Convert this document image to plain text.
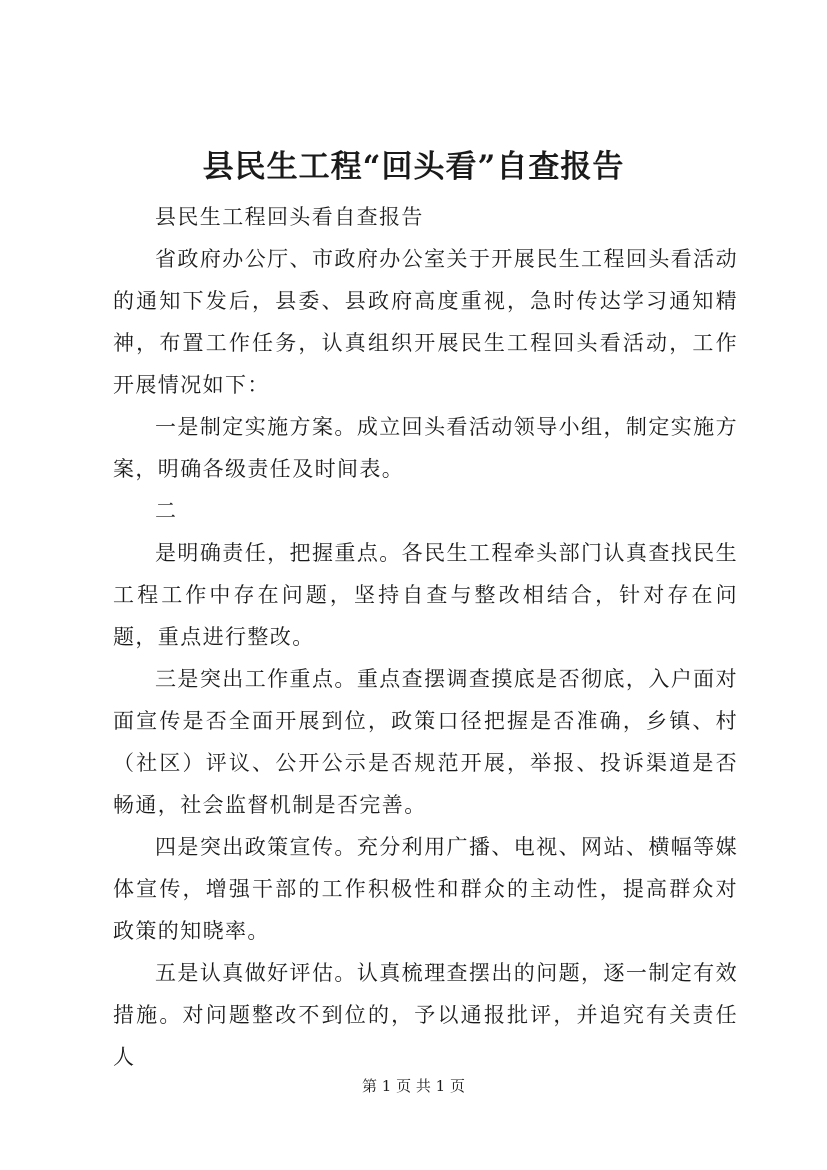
县民生工程“回头看”自查报告

县民生工程回头看自查报告

省政府办公厅、市政府办公室关于开展民生工程回头看活动的通知下发后，县委、县政府高度重视，急时传达学习通知精神，布置工作任务，认真组织开展民生工程回头看活动，工作开展情况如下：

一是制定实施方案。成立回头看活动领导小组，制定实施方案，明确各级责任及时间表。

二

是明确责任，把握重点。各民生工程牵头部门认真查找民生工程工作中存在问题，坚持自查与整改相结合，针对存在问题，重点进行整改。

三是突出工作重点。重点查摆调查摸底是否彻底，入户面对面宣传是否全面开展到位，政策口径把握是否准确，乡镇、村（社区）评议、公开公示是否规范开展，举报、投诉渠道是否畅通，社会监督机制是否完善。

四是突出政策宣传。充分利用广播、电视、网站、横幅等媒体宣传，增强干部的工作积极性和群众的主动性，提高群众对政策的知晓率。

五是认真做好评估。认真梳理查摆出的问题，逐一制定有效措施。对问题整改不到位的，予以通报批评，并追究有关责任人

第 1 页 共 1 页
